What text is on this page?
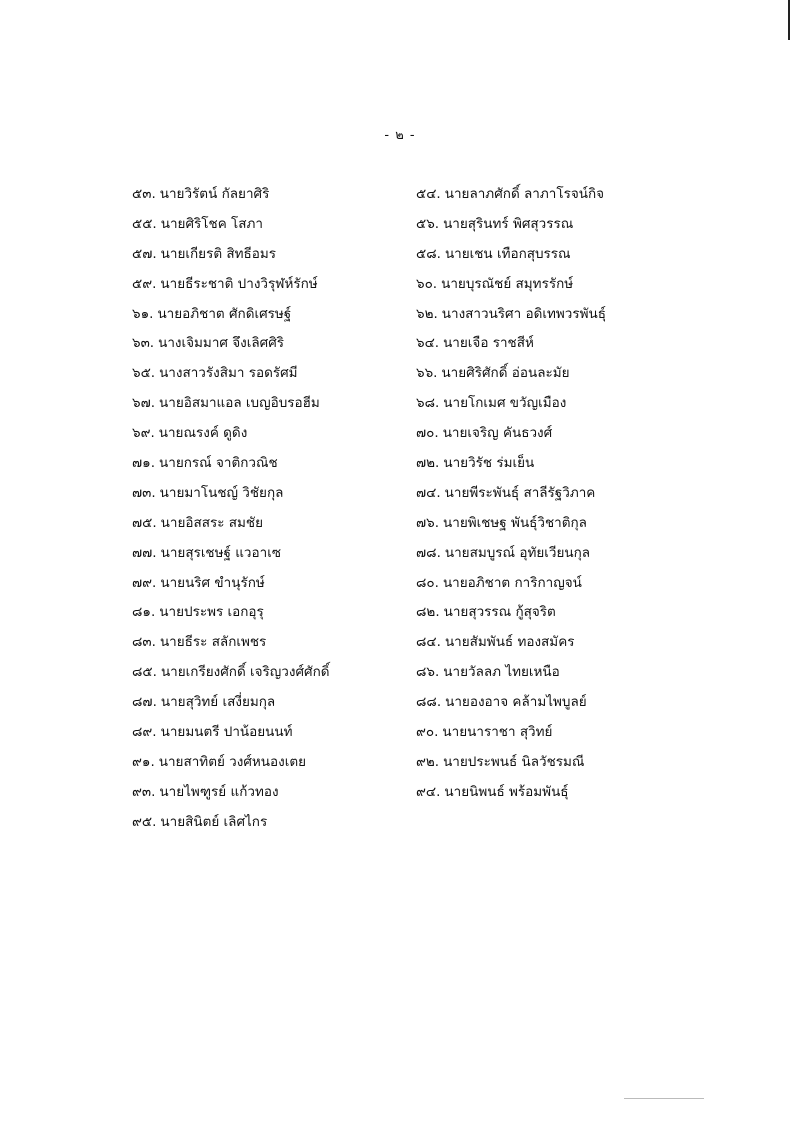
- ๒ -
๕๓. นายวิรัตน์ กัลยาศิริ	๕๔. นายลาภศักดิ์ ลาภาโรจน์กิจ
๕๕. นายศิริโชค โสภา	๕๖. นายสุรินทร์ พิศสุวรรณ
๕๗. นายเกียรติ สิทธีอมร	๕๘. นายเชน เทือกสุบรรณ
๕๙. นายธีระชาติ ปางวิรุฬห์รักษ์	๖๐. นายบุรณัชย์ สมุทรรักษ์
๖๑. นายอภิชาต ศักดิเศรษฐ์	๖๒. นางสาวนริศา อดิเทพวรพันธุ์
๖๓. นางเจิมมาศ จึงเลิศศิริ	๖๔. นายเจือ ราชสีห์
๖๕. นางสาวรังสิมา รอดรัศมี	๖๖. นายศิริศักดิ์ อ่อนละมัย
๖๗. นายอิสมาแอล เบญอิบรอฮีม	๖๘. นายโกเมศ ขวัญเมือง
๖๙. นายณรงค์ ดูดิง	๗๐. นายเจริญ คันธวงศ์
๗๑. นายกรณ์ จาติกวณิช	๗๒. นายวิรัช ร่มเย็น
๗๓. นายมาโนชญ์ วิชัยกุล	๗๔. นายพีระพันธุ์ สาลีรัฐวิภาค
๗๕. นายอิสสระ สมชัย	๗๖. นายพิเชษฐ พันธุ์วิชาติกุล
๗๗. นายสุรเชษฐ์ แวอาเซ	๗๘. นายสมบูรณ์ อุทัยเวียนกุล
๗๙. นายนริศ ขำนุรักษ์	๘๐. นายอภิชาต การิกาญจน์
๘๑. นายประพร เอกอุรุ	๘๒. นายสุวรรณ กู้สุจริต
๘๓. นายธีระ สลักเพชร	๘๔. นายสัมพันธ์ ทองสมัคร
๘๕. นายเกรียงศักดิ์ เจริญวงศ์ศักดิ์	๘๖. นายวัลลภ ไทยเหนือ
๘๗. นายสุวิทย์ เสงี่ยมกุล	๘๘. นายองอาจ คล้ามไพบูลย์
๘๙. นายมนตรี ปาน้อยนนท์	๙๐. นายนาราชา สุวิทย์
๙๑. นายสาทิตย์ วงศ์หนองเตย	๙๒. นายประพนธ์ นิลวัชรมณี
๙๓. นายไพฑูรย์ แก้วทอง	๙๔. นายนิพนธ์ พร้อมพันธุ์
๙๕. นายสินิตย์ เลิศไกร
